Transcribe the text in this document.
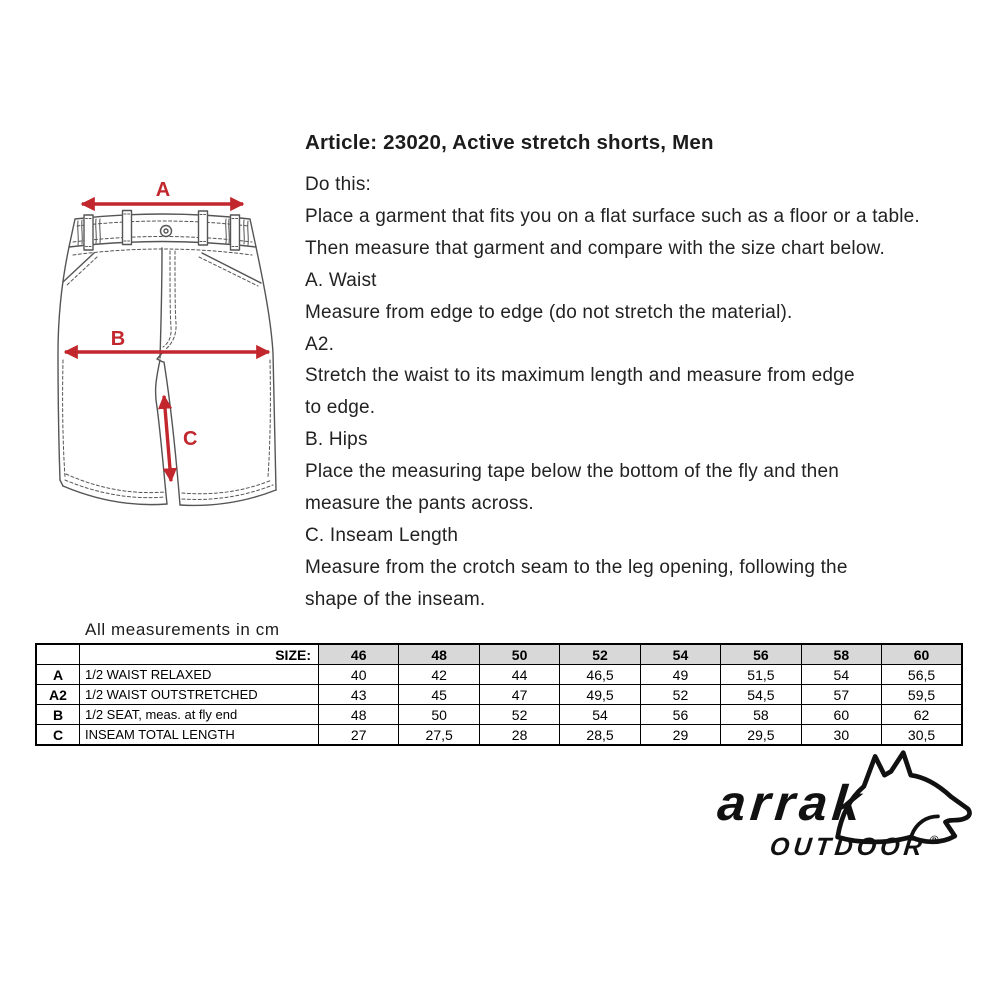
Article: 23020, Active stretch shorts, Men
A
B
C
Do this:
Place a garment that fits you on a flat surface such as a floor or a table.
Then measure that garment and compare with the size chart below.
A. Waist
Measure from edge to edge (do not stretch the material).
A2.
Stretch the waist to its maximum length and measure from edge
to edge.
B. Hips
Place the measuring tape below the bottom of the fly and then
measure the pants across.
C. Inseam Length
Measure from the crotch seam to the leg opening, following the
shape of the inseam.
All measurements in cm
	SIZE:	46	48	50	52	54	56	58	60
A	1/2 WAIST RELAXED	40	42	44	46,5	49	51,5	54	56,5
A2	1/2 WAIST OUTSTRETCHED	43	45	47	49,5	52	54,5	57	59,5
B	1/2 SEAT, meas. at fly end	48	50	52	54	56	58	60	62
C	INSEAM TOTAL LENGTH	27	27,5	28	28,5	29	29,5	30	30,5
arrak
OUTDOOR ®
